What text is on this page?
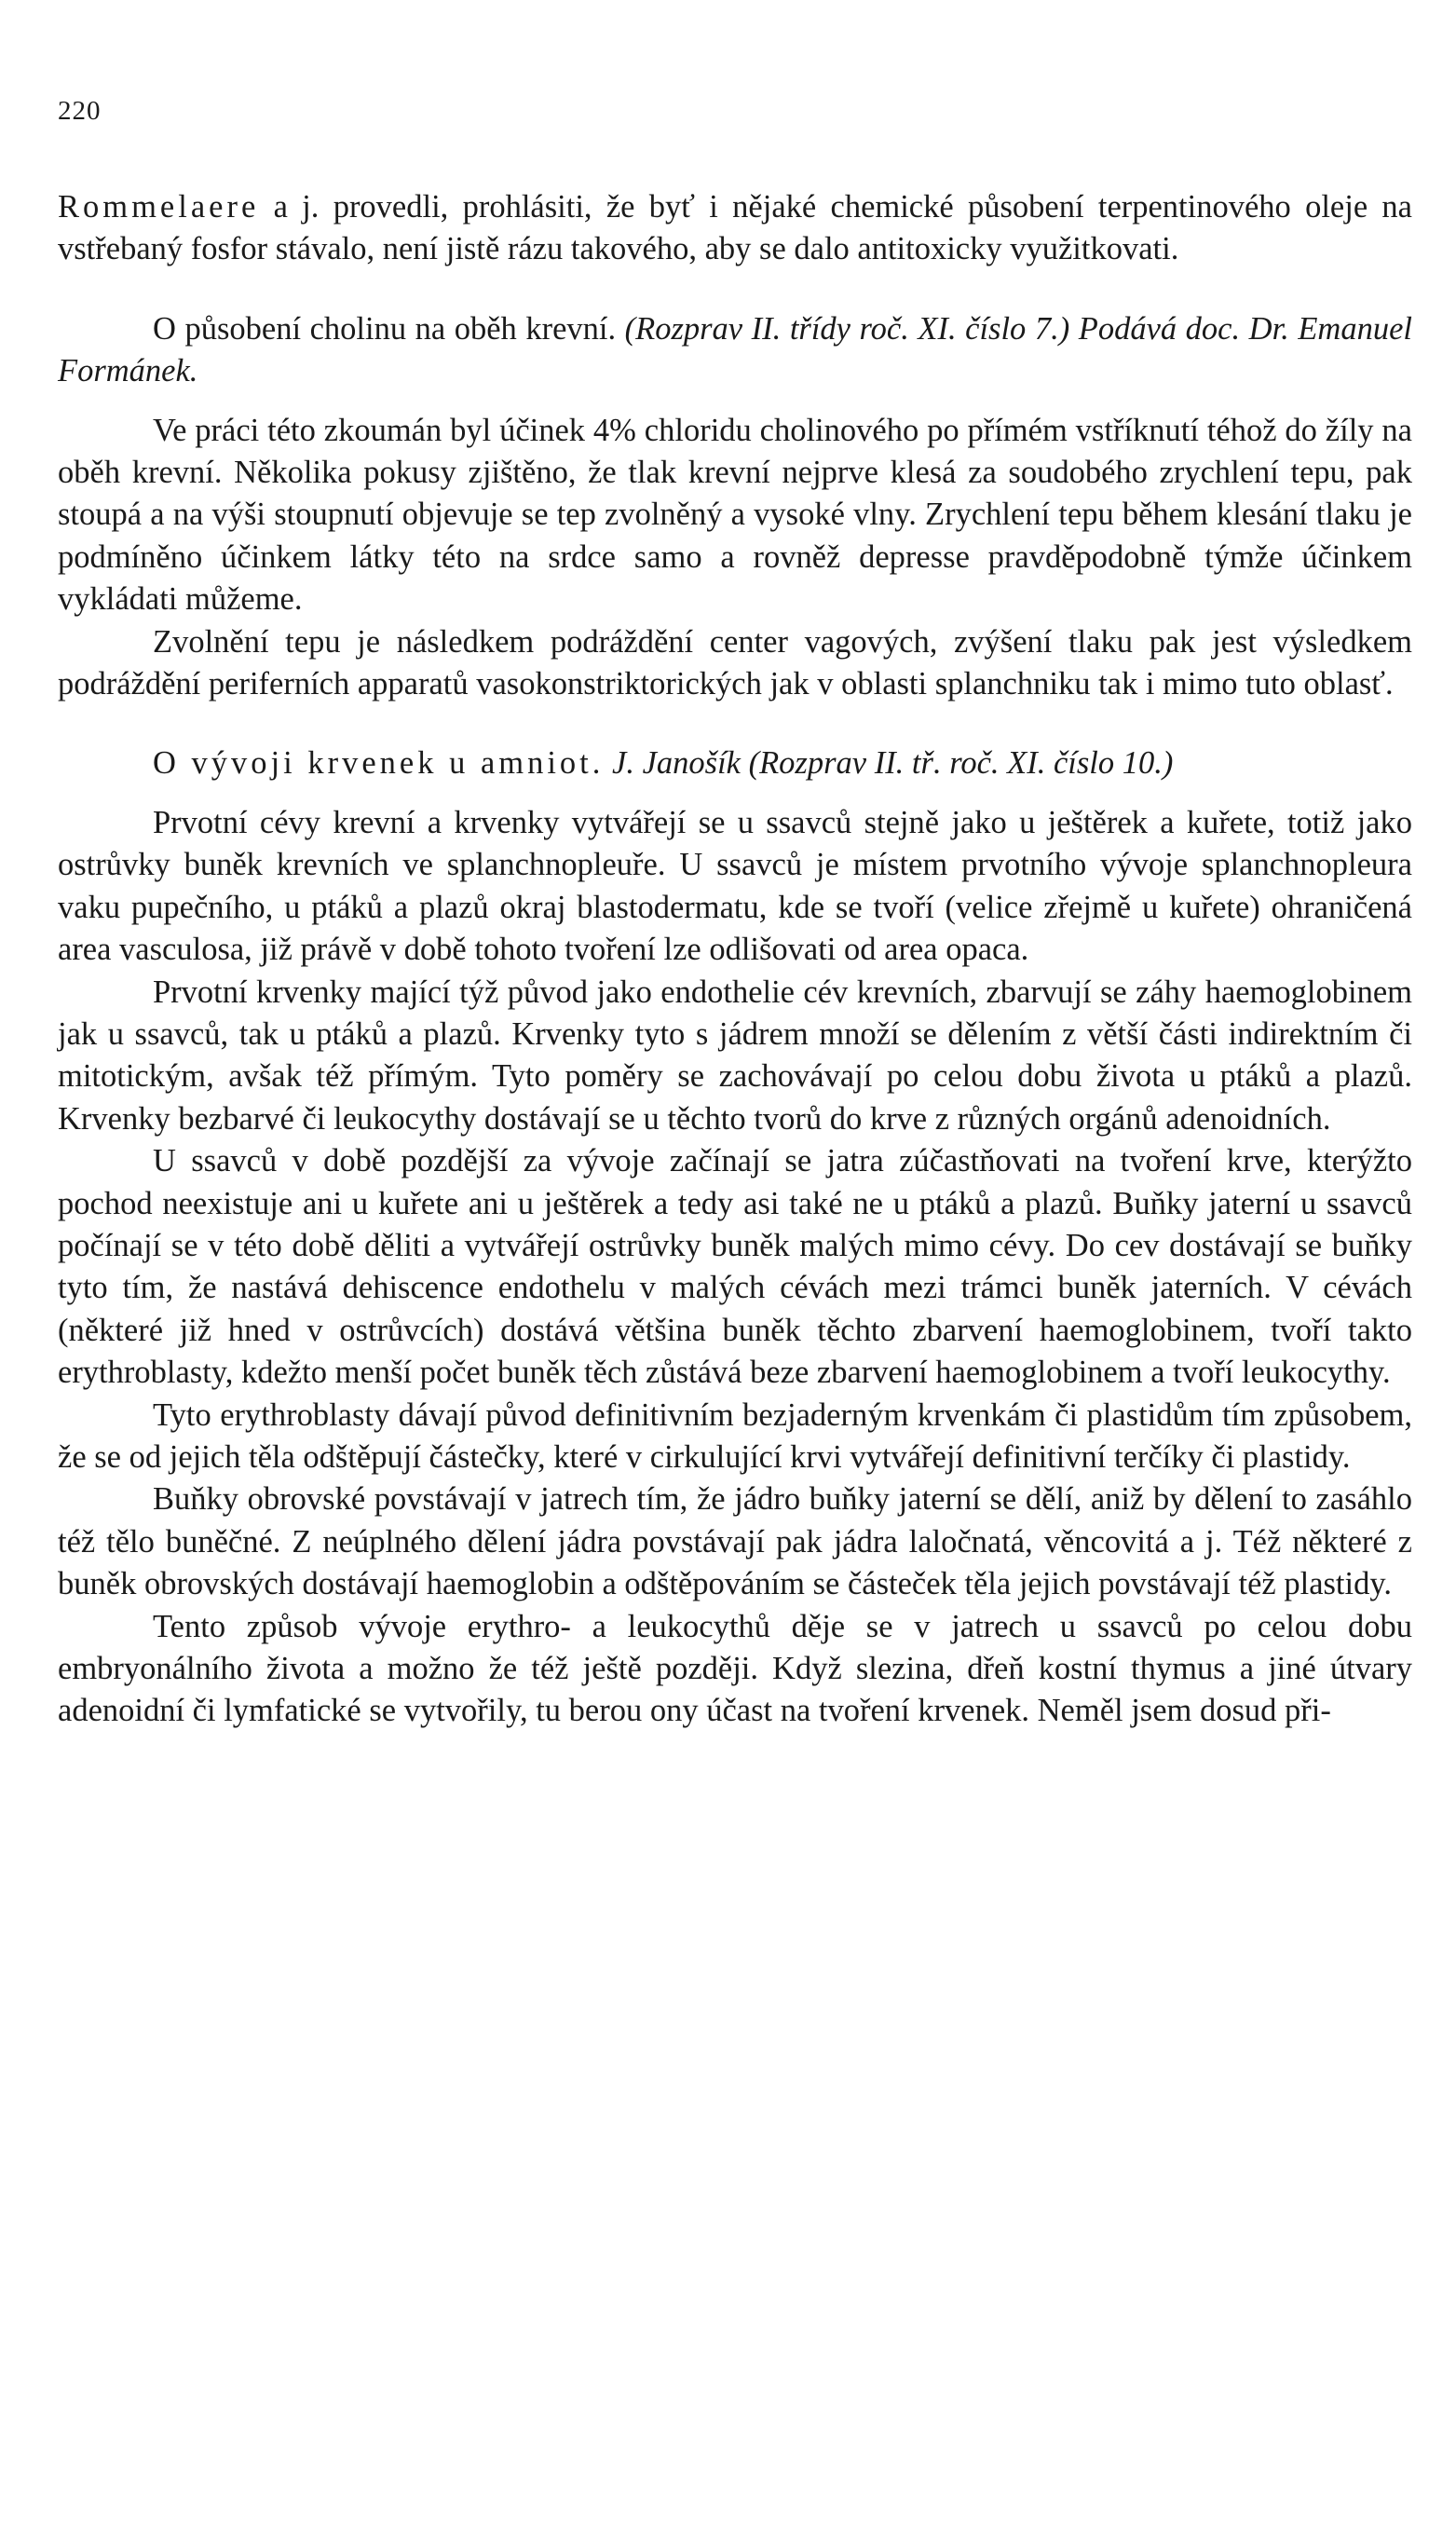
220

Rommelaere a j. provedli, prohlásiti, že byť i nějaké chemické působení terpentinového oleje na vstřebaný fosfor stávalo, není jistě rázu takového, aby se dalo antitoxicky využitkovati.

O působení cholinu na oběh krevní. (Rozprav II. třídy roč. XI. číslo 7.) Podává doc. Dr. Emanuel Formánek.

Ve práci této zkoumán byl účinek 4% chloridu cholinového po přímém vstříknutí téhož do žíly na oběh krevní. Několika pokusy zjištěno, že tlak krevní nejprve klesá za soudobého zrychlení tepu, pak stoupá a na výši stoupnutí objevuje se tep zvolněný a vysoké vlny. Zrychlení tepu během klesání tlaku je podmíněno účinkem látky této na srdce samo a rovněž depresse pravděpodobně týmže účinkem vykládati můžeme.

Zvolnění tepu je následkem podráždění center vagových, zvýšení tlaku pak jest výsledkem podráždění periferních apparatů vasokonstriktorických jak v oblasti splanchniku tak i mimo tuto oblasť.

O vývoji krvenek u amniot. J. Janošík (Rozprav II. tř. roč. XI. číslo 10.)

Prvotní cévy krevní a krvenky vytvářejí se u ssavců stejně jako u ještěrek a kuřete, totiž jako ostrůvky buněk krevních ve splanchnopleuře. U ssavců je místem prvotního vývoje splanchnopleura vaku pupečního, u ptáků a plazů okraj blastodermatu, kde se tvoří (velice zřejmě u kuřete) ohraničená area vasculosa, již právě v době tohoto tvoření lze odlišovati od area opaca.

Prvotní krvenky mající týž původ jako endothelie cév krevních, zbarvují se záhy haemoglobinem jak u ssavců, tak u ptáků a plazů. Krvenky tyto s jádrem množí se dělením z větší části indirektním či mitotickým, avšak též přímým. Tyto poměry se zachovávají po celou dobu života u ptáků a plazů. Krvenky bezbarvé či leukocythy dostávají se u těchto tvorů do krve z různých orgánů adenoidních.

U ssavců v době pozdější za vývoje začínají se jatra zúčastňovati na tvoření krve, kterýžto pochod neexistuje ani u kuřete ani u ještěrek a tedy asi také ne u ptáků a plazů. Buňky jaterní u ssavců počínají se v této době děliti a vytvářejí ostrůvky buněk malých mimo cévy. Do cev dostávají se buňky tyto tím, že nastává dehiscence endothelu v malých cévách mezi trámci buněk jaterních. V cévách (některé již hned v ostrůvcích) dostává většina buněk těchto zbarvení haemoglobinem, tvoří takto erythroblasty, kdežto menší počet buněk těch zůstává beze zbarvení haemoglobinem a tvoří leukocythy.

Tyto erythroblasty dávají původ definitivním bezjaderným krvenkám či plastidům tím způsobem, že se od jejich těla odštěpují částečky, které v cirkulující krvi vytvářejí definitivní terčíky či plastidy.

Buňky obrovské povstávají v jatrech tím, že jádro buňky jaterní se dělí, aniž by dělení to zasáhlo též tělo buněčné. Z neúplného dělení jádra povstávají pak jádra laločnatá, věncovitá a j. Též některé z buněk obrovských dostávají haemoglobin a odštěpováním se částeček těla jejich povstávají též plastidy.

Tento způsob vývoje erythro- a leukocythů děje se v jatrech u ssavců po celou dobu embryonálního života a možno že též ještě později. Když slezina, dřeň kostní thymus a jiné útvary adenoidní či lymfatické se vytvořily, tu berou ony účast na tvoření krvenek. Neměl jsem dosud při-
